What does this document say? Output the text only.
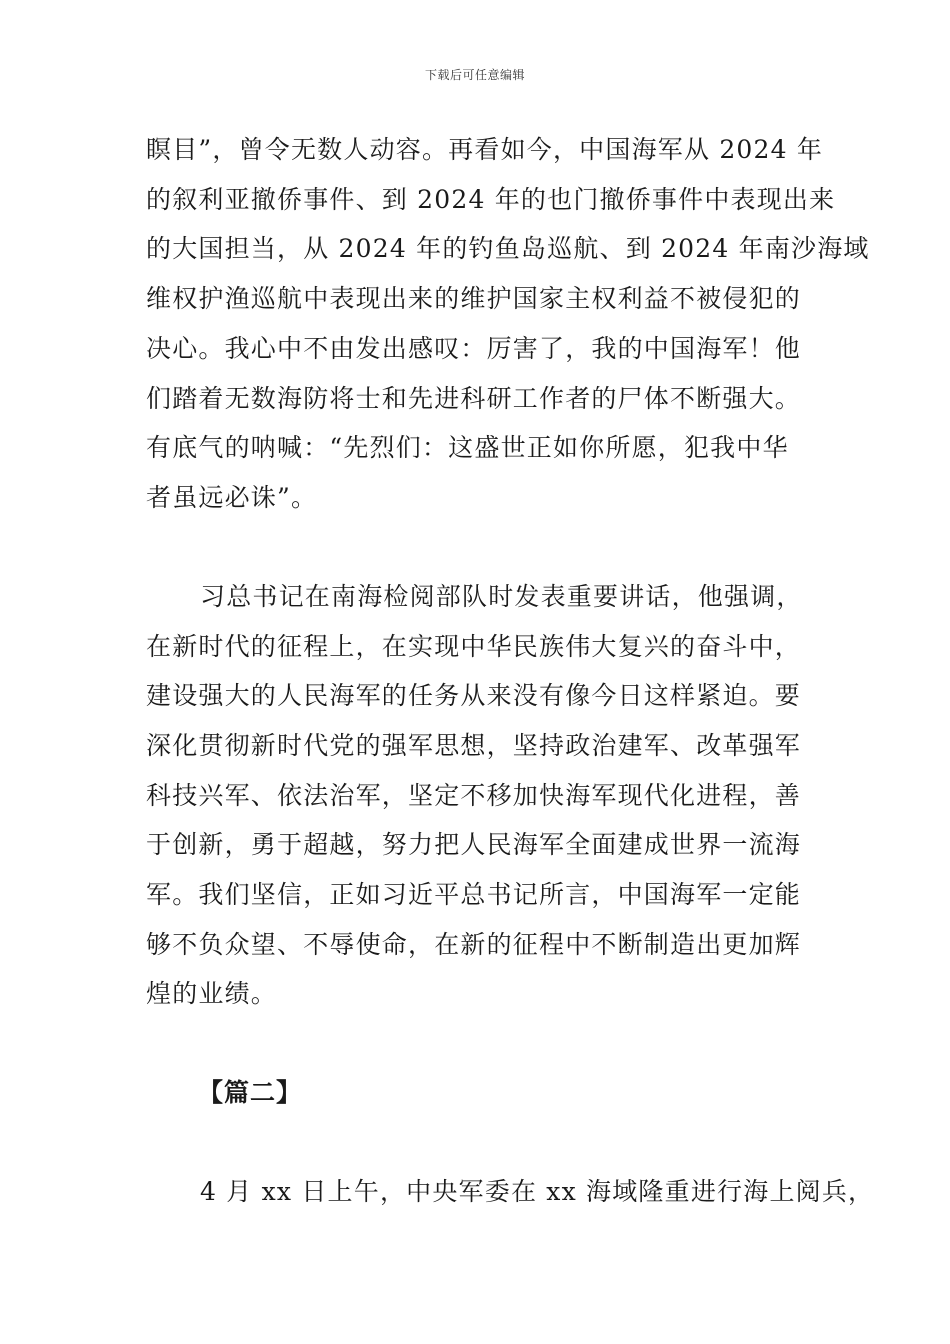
下载后可任意编辑
瞑目”，曾令无数人动容。再看如今，中国海军从 2024 年
的叙利亚撤侨事件、到 2024 年的也门撤侨事件中表现出来
的大国担当，从 2024 年的钓鱼岛巡航、到 2024 年南沙海域
维权护渔巡航中表现出来的维护国家主权利益不被侵犯的
决心。我心中不由发出感叹：厉害了，我的中国海军！他
们踏着无数海防将士和先进科研工作者的尸体不断强大。
有底气的呐喊：“先烈们：这盛世正如你所愿，犯我中华
者虽远必诛”。
习总书记在南海检阅部队时发表重要讲话，他强调，
在新时代的征程上，在实现中华民族伟大复兴的奋斗中，
建设强大的人民海军的任务从来没有像今日这样紧迫。要
深化贯彻新时代党的强军思想，坚持政治建军、改革强军
科技兴军、依法治军，坚定不移加快海军现代化进程，善
于创新，勇于超越，努力把人民海军全面建成世界一流海
军。我们坚信，正如习近平总书记所言，中国海军一定能
够不负众望、不辱使命，在新的征程中不断制造出更加辉
煌的业绩。
【篇二】
4 月 xx 日上午，中央军委在 xx 海域隆重进行海上阅兵，
